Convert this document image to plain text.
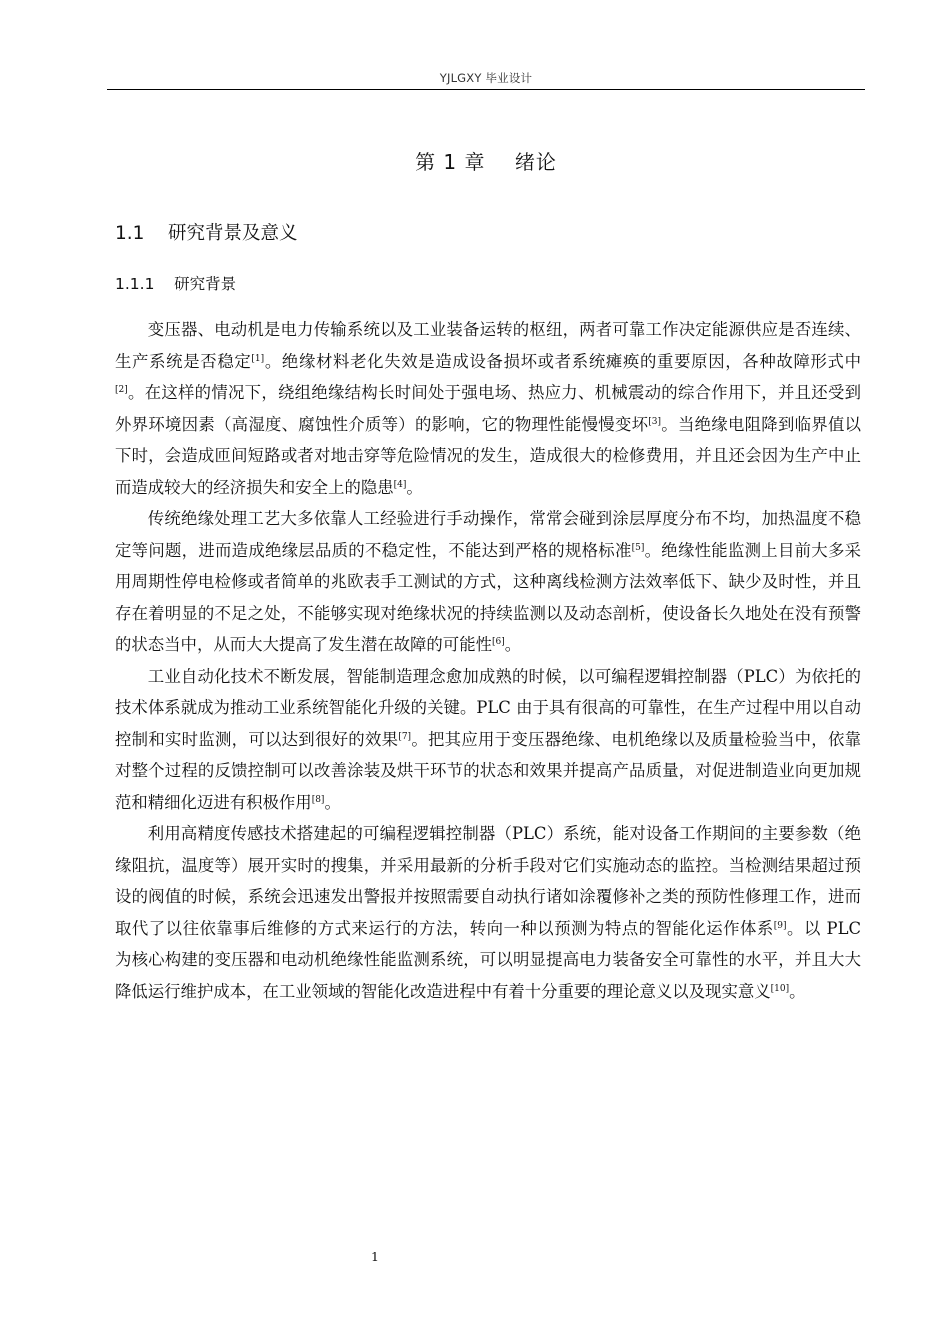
YJLGXY 毕业设计
第 1 章    绪论
1.1    研究背景及意义
1.1.1    研究背景

变压器、电动机是电力传输系统以及工业装备运转的枢纽，两者可靠工作决定能源供应是否连续、生产系统是否稳定[1]。绝缘材料老化失效是造成设备损坏或者系统瘫痪的重要原因，各种故障形式中[2]。在这样的情况下，绕组绝缘结构长时间处于强电场、热应力、机械震动的综合作用下，并且还受到外界环境因素（高湿度、腐蚀性介质等）的影响，它的物理性能慢慢变坏[3]。当绝缘电阻降到临界值以下时，会造成匝间短路或者对地击穿等危险情况的发生，造成很大的检修费用，并且还会因为生产中止而造成较大的经济损失和安全上的隐患[4]。

传统绝缘处理工艺大多依靠人工经验进行手动操作，常常会碰到涂层厚度分布不均，加热温度不稳定等问题，进而造成绝缘层品质的不稳定性，不能达到严格的规格标准[5]。绝缘性能监测上目前大多采用周期性停电检修或者简单的兆欧表手工测试的方式，这种离线检测方法效率低下、缺少及时性，并且存在着明显的不足之处，不能够实现对绝缘状况的持续监测以及动态剖析，使设备长久地处在没有预警的状态当中，从而大大提高了发生潜在故障的可能性[6]。

工业自动化技术不断发展，智能制造理念愈加成熟的时候，以可编程逻辑控制器（PLC）为依托的技术体系就成为推动工业系统智能化升级的关键。PLC 由于具有很高的可靠性，在生产过程中用以自动控制和实时监测，可以达到很好的效果[7]。把其应用于变压器绝缘、电机绝缘以及质量检验当中，依靠对整个过程的反馈控制可以改善涂装及烘干环节的状态和效果并提高产品质量，对促进制造业向更加规范和精细化迈进有积极作用[8]。

利用高精度传感技术搭建起的可编程逻辑控制器（PLC）系统，能对设备工作期间的主要参数（绝缘阻抗，温度等）展开实时的搜集，并采用最新的分析手段对它们实施动态的监控。当检测结果超过预设的阀值的时候，系统会迅速发出警报并按照需要自动执行诸如涂覆修补之类的预防性修理工作，进而取代了以往依靠事后维修的方式来运行的方法，转向一种以预测为特点的智能化运作体系[9]。以 PLC 为核心构建的变压器和电动机绝缘性能监测系统，可以明显提高电力装备安全可靠性的水平，并且大大降低运行维护成本，在工业领域的智能化改造进程中有着十分重要的理论意义以及现实意义[10]。

1
